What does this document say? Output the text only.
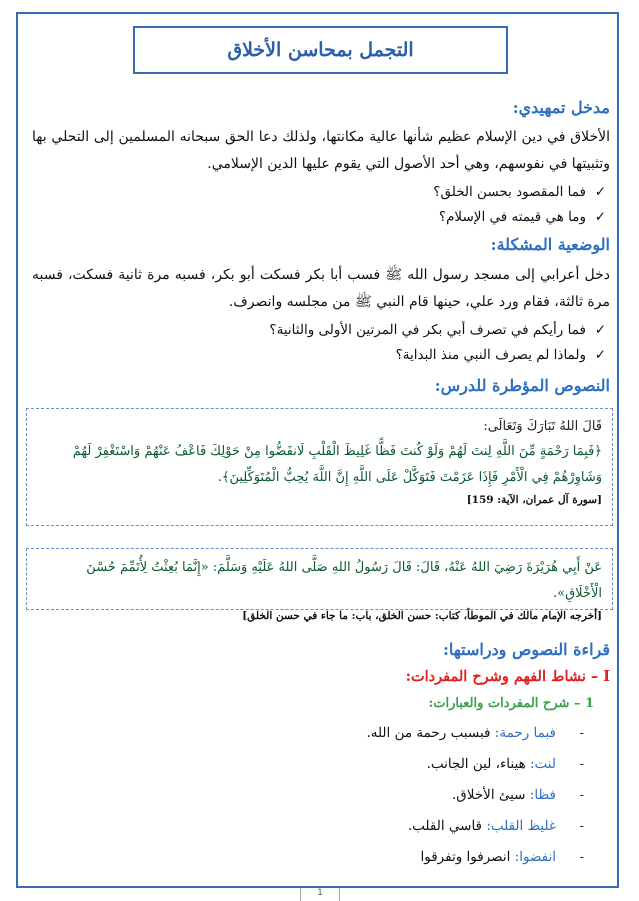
التجمل بمحاسن الأخلاق
مدخل تمهيدي:
الأخلاق في دين الإسلام عظيم شأنها عالية مكانتها، ولذلك دعا الحق سبحانه المسلمين إلى التحلي بها وتثبيتها في نفوسهم، وهي أحد الأصول التي يقوم عليها الدين الإسلامي.
✓فما المقصود بحسن الخلق؟
✓وما هي قيمته في الإسلام؟
الوضعية المشكلة:
دخل أعرابي إلى مسجد رسول الله ﷺ فسب أبا بكر فسكت أبو بكر، فسبه مرة ثانية فسكت، فسبه مرة ثالثة، فقام ورد علي، حينها قام النبي ﷺ من مجلسه وانصرف.
✓فما رأيكم في تصرف أبي بكر في المرتين الأولى والثانية؟
✓ولماذا لم يصرف النبي منذ البداية؟
النصوص المؤطرة للدرس:
قَالَ اللهُ تَبَارَكَ وَتَعَالَى:
﴿فَبِمَا رَحْمَةٍ مِّنَ اللَّهِ لِنتَ لَهُمْ وَلَوْ كُنتَ فَظًّا غَلِيظَ الْقَلْبِ لَانفَضُّوا مِنْ حَوْلِكَ فَاعْفُ عَنْهُمْ وَاسْتَغْفِرْ لَهُمْ وَشَاوِرْهُمْ فِي الْأَمْرِ فَإِذَا عَزَمْتَ فَتَوَكَّلْ عَلَى اللَّهِ إِنَّ اللَّهَ يُحِبُّ الْمُتَوَكِّلِينَ﴾.
[سورة آل عمران، الآية: 159]
عَنْ أَبِي هُرَيْرَةَ رَضِيَ اللهُ عَنْهُ، قَالَ: قَالَ رَسُولُ اللهِ صَلَّى اللهُ عَلَيْهِ وَسَلَّمَ: «إِنَّمَا بُعِثْتُ لِأُتَمِّمَ حُسْنَ الْأَخْلَاقِ».
[أخرجه الإمام مالك في الموطأ، كتاب: حسن الخلق، باب: ما جاء في حسن الخلق]
قراءة النصوص ودراستها:
I – نشاط الفهم وشرح المفردات:
1 – شرح المفردات والعبارات:
-فبما رحمة: فبسبب رحمة من الله.
-لنت: هيناء، لين الجانب.
-فظا: سيئ الأخلاق.
-غليظ القلب: قاسي القلب.
-انفضوا: انصرفوا وتفرقوا
1
